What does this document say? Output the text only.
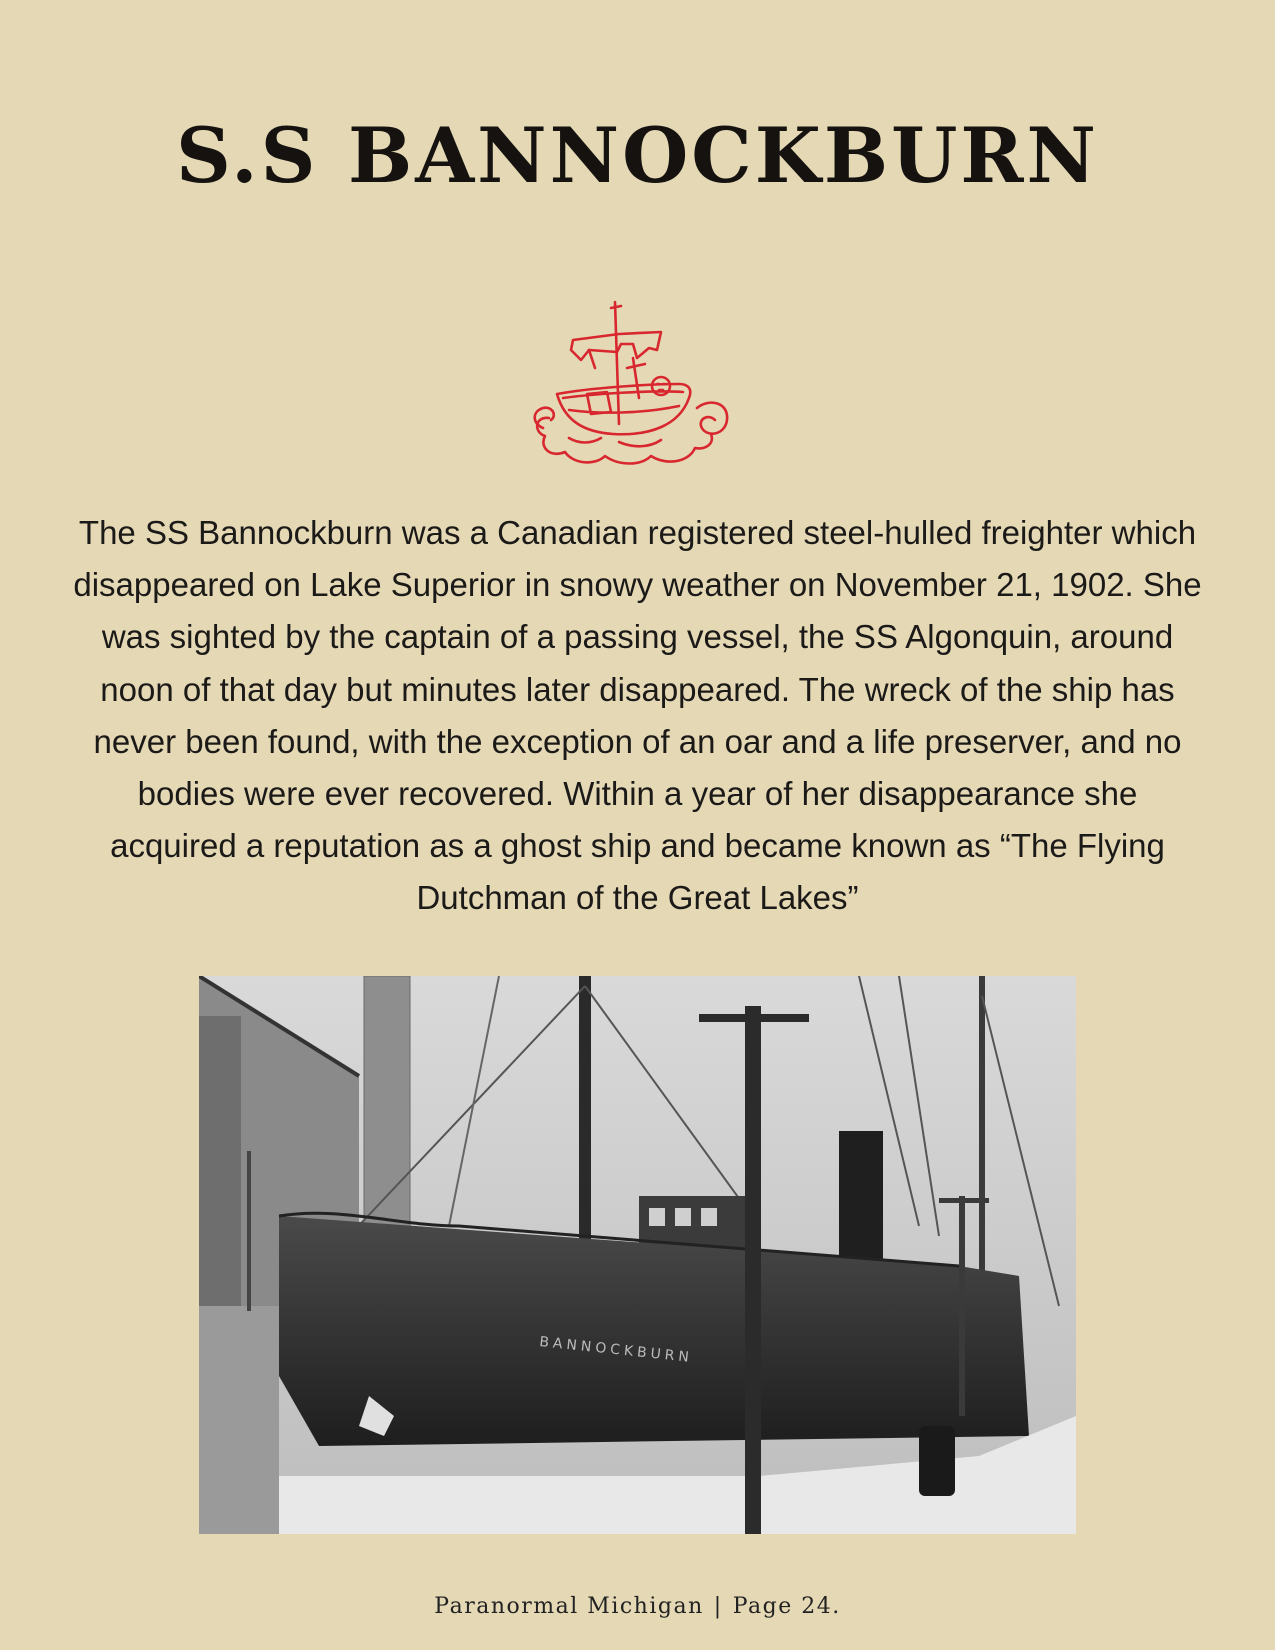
S.S BANNOCKBURN

The SS Bannockburn was a Canadian registered steel-hulled freighter which disappeared on Lake Superior in snowy weather on November 21, 1902. She was sighted by the captain of a passing vessel, the SS Algonquin, around noon of that day but minutes later disappeared. The wreck of the ship has never been found, with the exception of an oar and a life preserver, and no bodies were ever recovered. Within a year of her disappearance she acquired a reputation as a ghost ship and became known as “The Flying Dutchman of the Great Lakes”

BANNOCKBURN
Paranormal Michigan | Page 24.
